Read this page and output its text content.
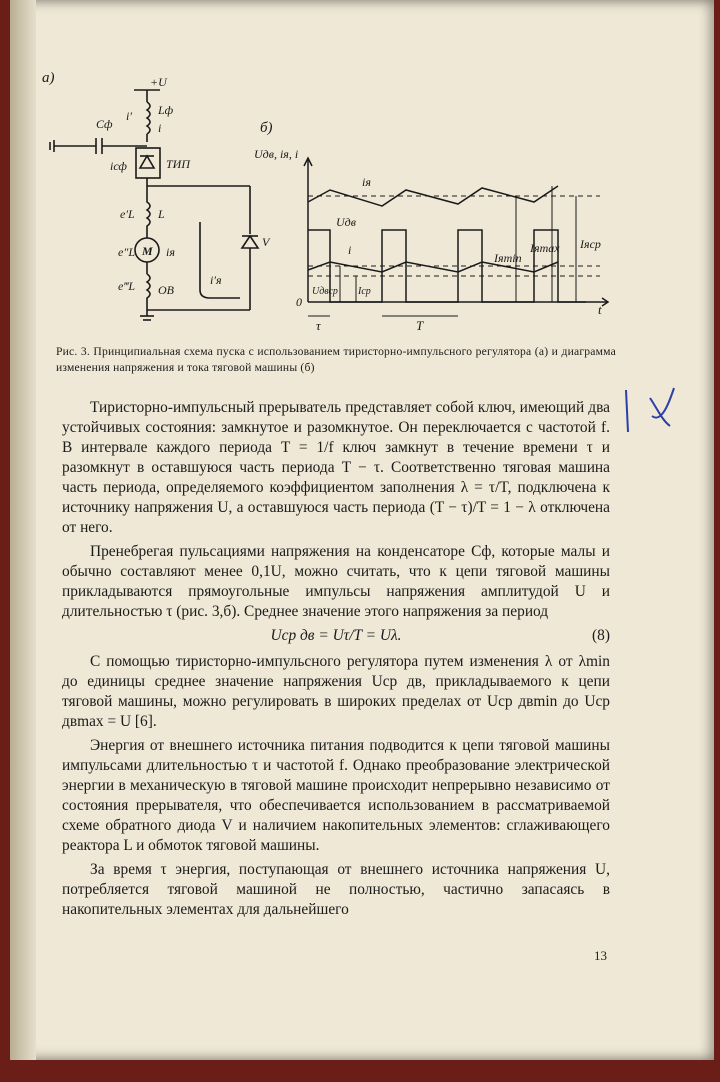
a)	+U
Cф
i′ Lф
i
iсф	ТИП
e′L L
e″L M iя
e‴L ОВ
i′я
V
б)
Uдв, iя, i
0	t
iя
Uдв
i
Iяmin
Iяmax Iяср
Uдвср Iср
τ	T
Рис. 3. Принципиальная схема пуска с использованием тиристорно-импульсного регулятора (а) и диаграмма изменения напряжения и тока тяговой машины (б)

Тиристорно-импульсный прерыватель представляет собой ключ, имеющий два устойчивых состояния: замкнутое и разомкнутое. Он переключается с частотой f. В интервале каждого периода T = 1/f ключ замкнут в течение времени τ и разомкнут в оставшуюся часть периода T − τ. Соответственно тяговая машина часть периода, определяемого коэффициентом заполнения λ = τ/T, подключена к источнику напряжения U, а оставшуюся часть периода (T − τ)/T = 1 − λ отключена от него.

Пренебрегая пульсациями напряжения на конденсаторе Cф, которые малы и обычно составляют менее 0,1U, можно считать, что к цепи тяговой машины прикладываются прямоугольные импульсы напряжения амплитудой U и длительностью τ (рис. 3,б). Среднее значение этого напряжения за период

Uср дв = Uτ/T = Uλ.	(8)

С помощью тиристорно-импульсного регулятора путем изменения λ от λmin до единицы среднее значение напряжения Uср дв, прикладываемого к цепи тяговой машины, можно регулировать в широких пределах от Uср двmin до Uср двmax = U [6].

Энергия от внешнего источника питания подводится к цепи тяговой машины импульсами длительностью τ и частотой f. Однако преобразование электрической энергии в механическую в тяговой машине происходит непрерывно независимо от состояния прерывателя, что обеспечивается использованием в рассматриваемой схеме обратного диода V и наличием накопительных элементов: сглаживающего реактора L и обмоток тяговой машины.

За время τ энергия, поступающая от внешнего источника напряжения U, потребляется тяговой машиной не полностью, частично запасаясь в накопительных элементах для дальнейшего

13
